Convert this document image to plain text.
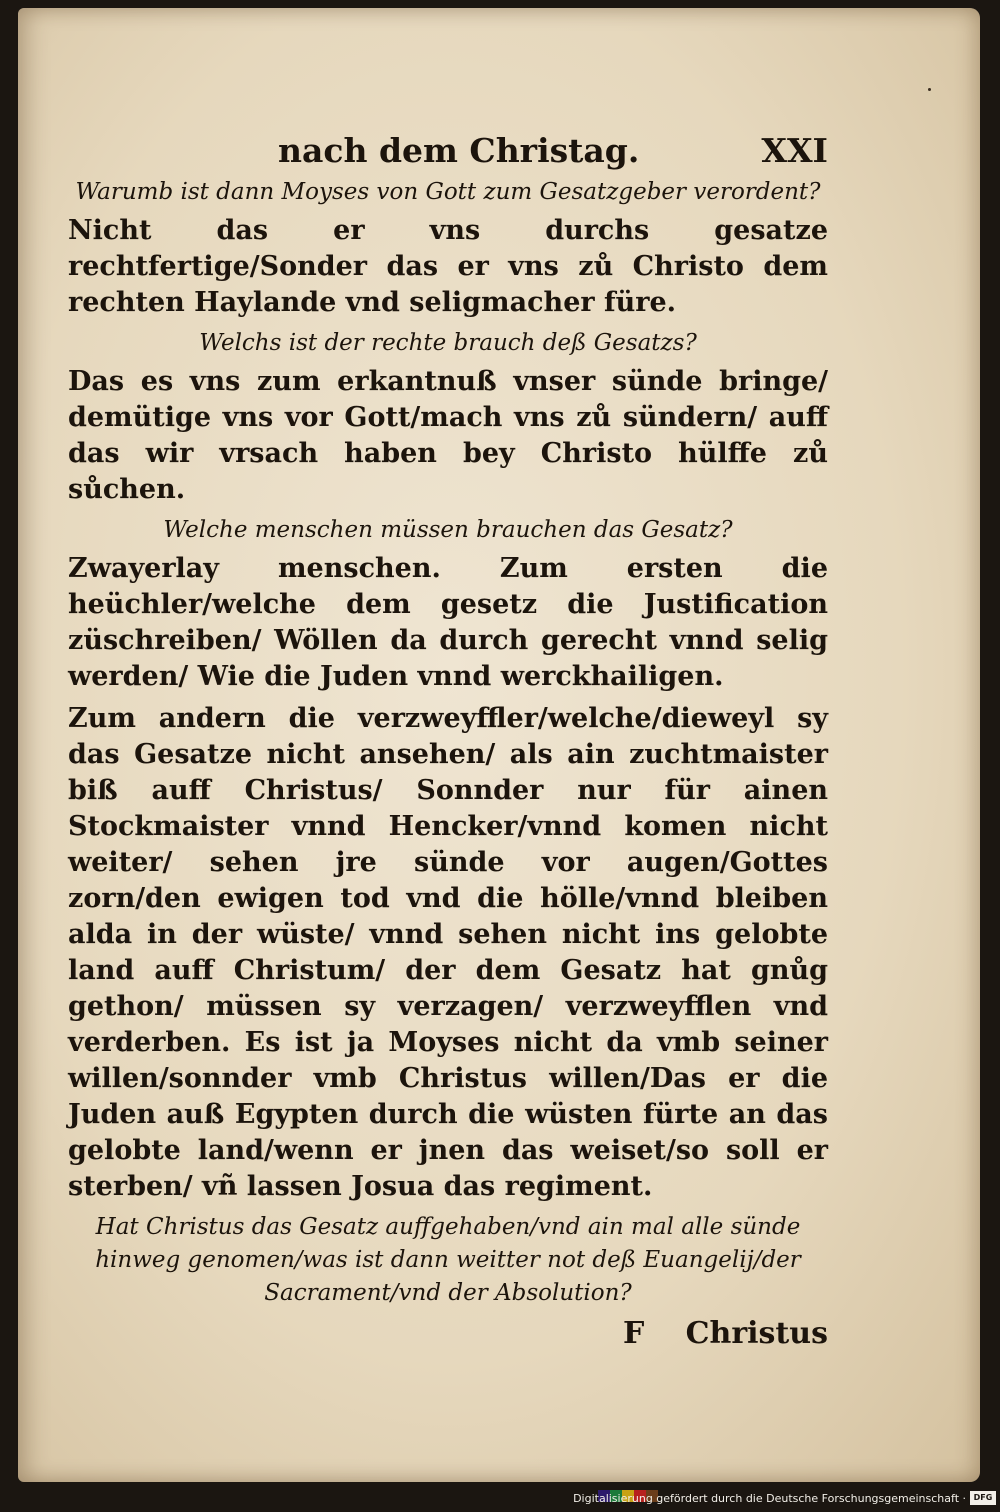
nach dem Christag.	XXI
Warumb ist dann Moyses von Gott zum Gesatzgeber verordent?

Nicht das er vns durchs gesatze rechtfertige/Sonder das er vns zů Christo dem rechten Haylande vnd seligmacher füre.

Welchs ist der rechte brauch deß Gesatzs?

Das es vns zum erkantnuß vnser sünde bringe/ demütige vns vor Gott/mach vns zů sündern/ auff das wir vrsach haben bey Christo hülffe zů sůchen.

Welche menschen müssen brauchen das Gesatz?

Zwayerlay menschen. Zum ersten die heüchler/welche dem gesetz die Justification züschreiben/ Wöllen da durch gerecht vnnd selig werden/ Wie die Juden vnnd werckhailigen.

Zum andern die verzweyffler/welche/dieweyl sy das Gesatze nicht ansehen/ als ain zuchtmaister biß auff Christus/ Sonnder nur für ainen Stockmaister vnnd Hencker/vnnd komen nicht weiter/ sehen jre sünde vor augen/Gottes zorn/den ewigen tod vnd die hölle/vnnd bleiben alda in der wüste/ vnnd sehen nicht ins gelobte land auff Christum/ der dem Gesatz hat gnůg gethon/ müssen sy verzagen/ verzweyfflen vnd verderben. Es ist ja Moyses nicht da vmb seiner willen/sonnder vmb Christus willen/Das er die Juden auß Egypten durch die wüsten fürte an das gelobte land/wenn er jnen das weiset/so soll er sterben/ vñ lassen Josua das regiment.

Hat Christus das Gesatz auffgehaben/vnd ain mal alle sünde hinweg genomen/was ist dann weitter not deß Euangelij/der Sacrament/vnd der Absolution?
F Christus
Digitalisierung gefördert durch die Deutsche Forschungsgemeinschaft · DFG
